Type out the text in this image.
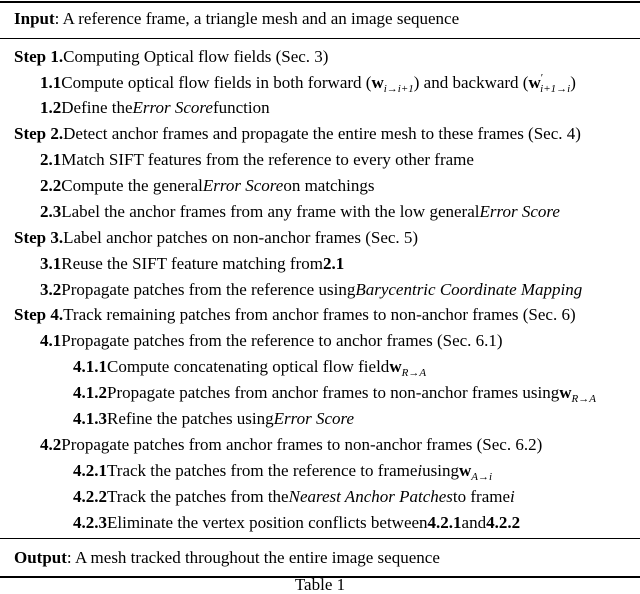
Input : A reference frame, a triangle mesh and an image sequence
Step 1. Computing Optical flow fields (Sec. 3)
1.1 Compute optical flow fields in both forward ( $w_{i\to i+1}$ ) and backward ( $w'_{i+1\to i}$ )
1.2 Define the Error Score function
Step 2. Detect anchor frames and propagate the entire mesh to these frames (Sec. 4)
2.1 Match SIFT features from the reference to every other frame
2.2 Compute the general Error Score on matchings
2.3 Label the anchor frames from any frame with the low general Error Score
Step 3. Label anchor patches on non-anchor frames (Sec. 5)
3.1 Reuse the SIFT feature matching from 2.1
3.2 Propagate patches from the reference using Barycentric Coordinate Mapping
Step 4. Track remaining patches from anchor frames to non-anchor frames (Sec. 6)
4.1 Propagate patches from the reference to anchor frames (Sec. 6.1)
4.1.1 Compute concatenating optical flow field $w_{R\to A}$
4.1.2 Propagate patches from anchor frames to non-anchor frames using $w_{R\to A}$
4.1.3 Refine the patches using Error Score
4.2 Propagate patches from anchor frames to non-anchor frames (Sec. 6.2)
4.2.1 Track the patches from the reference to frame i using $w_{A\to i}$
4.2.2 Track the patches from the Nearest Anchor Patches to frame i
4.2.3 Eliminate the vertex position conflicts between 4.2.1 and 4.2.2
Output : A mesh tracked throughout the entire image sequence
Table 1
